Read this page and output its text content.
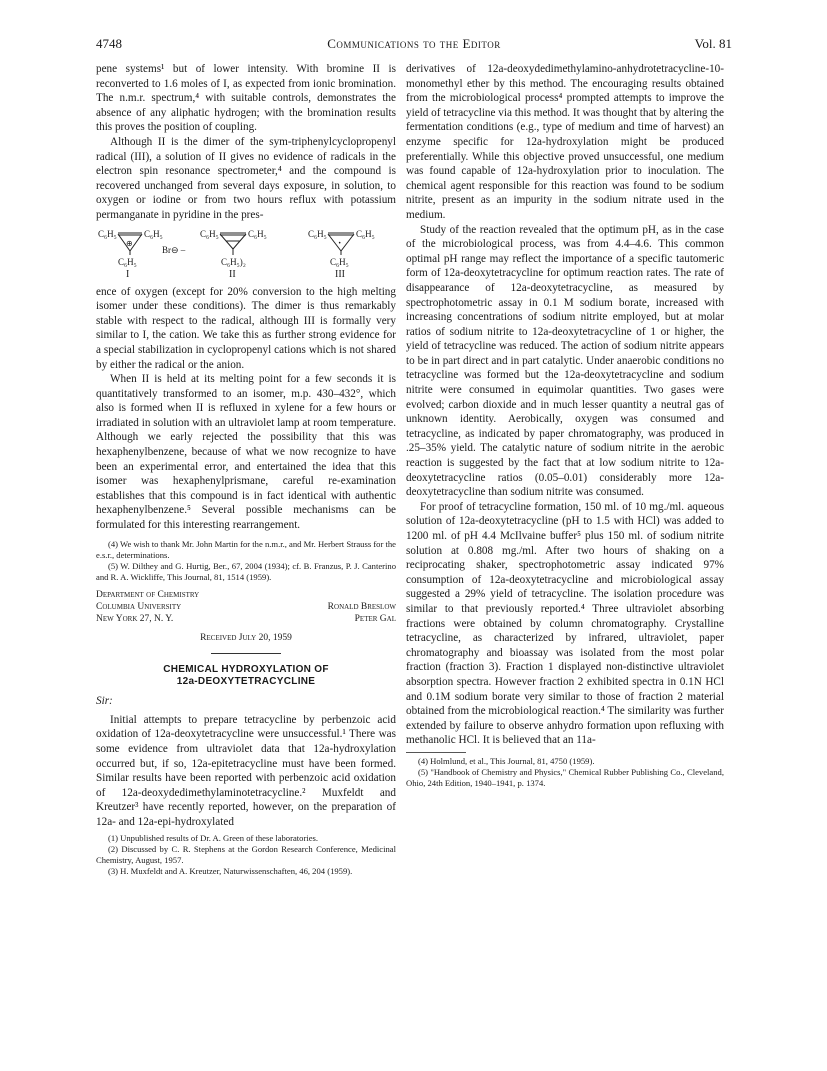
4748	Communications to the Editor	Vol. 81

pene systems¹ but of lower intensity. With bromine II is reconverted to 1.6 moles of I, as expected from ionic bromination. The n.m.r. spectrum,⁴ with suitable controls, demonstrates the absence of any aliphatic hydrogen; with the bromination results this proves the position of coupling.

Although II is the dimer of the sym-triphenylcyclopropenyl radical (III), a solution of II gives no evidence of radicals in the electron spin resonance spectrometer,⁴ and the compound is recovered unchanged from several days exposure, in solution, to oxygen or iodine or from two hours reflux with potassium permanganate in pyridine in the pres-

C₆H₅	C₆H₅
⊕
C₆H₅
Br⊖ –
C₆H₅	C₆H₅
C₆H₅)₂
C₆H₅	C₆H₅
·
C₆H₅
I	II	III

ence of oxygen (except for 20% conversion to the high melting isomer under these conditions). The dimer is thus remarkably stable with respect to the radical, although III is formally very similar to I, the cation. We take this as further strong evidence for a special stabilization in cyclopropenyl cations which is not shared by either the radical or the anion.

When II is held at its melting point for a few seconds it is quantitatively transformed to an isomer, m.p. 430–432°, which also is formed when II is refluxed in xylene for a few hours or irradiated in solution with an ultraviolet lamp at room temperature. Although we early rejected the possibility that this was hexaphenylbenzene, because of what we now recognize to have been an experimental error, and entertained the idea that this isomer was hexaphenylprismane, careful re-examination establishes that this compound is in fact identical with authentic hexaphenylbenzene.⁵ Several possible mechanisms can be formulated for this interesting rearrangement.

(4) We wish to thank Mr. John Martin for the n.m.r., and Mr. Herbert Strauss for the e.s.r., determinations.

(5) W. Dilthey and G. Hurtig, Ber., 67, 2004 (1934); cf. B. Franzus, P. J. Canterino and R. A. Wickliffe, This Journal, 81, 1514 (1959).

Department of Chemistry
Columbia University
New York 27, N. Y.
Ronald Breslow
Peter Gal
Received July 20, 1959
CHEMICAL HYDROXYLATION OF
12a-DEOXYTETRACYCLINE
Sir:

Initial attempts to prepare tetracycline by perbenzoic acid oxidation of 12a-deoxytetracycline were unsuccessful.¹ There was some evidence from ultraviolet data that 12a-hydroxylation occurred but, if so, 12a-epitetracycline must have been formed. Similar results have been reported with perbenzoic acid oxidation of 12a-deoxydedimethylaminotetracycline.² Muxfeldt and Kreutzer³ have recently reported, however, on the preparation of 12a- and 12a-epi-hydroxylated

(1) Unpublished results of Dr. A. Green of these laboratories.

(2) Discussed by C. R. Stephens at the Gordon Research Conference, Medicinal Chemistry, August, 1957.

(3) H. Muxfeldt and A. Kreutzer, Naturwissenschaften, 46, 204 (1959).

derivatives of 12a-deoxydedimethylamino-anhydrotetracycline-10-monomethyl ether by this method. The encouraging results obtained from the microbiological process⁴ prompted attempts to improve the yield of tetracycline via this method. It was thought that by altering the fermentation conditions (e.g., type of medium and time of harvest) an enzyme specific for 12a-hydroxylation might be produced preferentially. While this objective proved unsuccessful, one medium was found capable of 12a-hydroxylation prior to inoculation. The chemical agent responsible for this reaction was found to be sodium nitrite, present as an impurity in the sodium nitrate used in the medium.

Study of the reaction revealed that the optimum pH, as in the case of the microbiological process, was from 4.4–4.6. This common optimal pH range may reflect the importance of a specific tautomeric form of 12a-deoxytetracycline for optimum reaction rates. The rate of disappearance of 12a-deoxytetracycline, as measured by spectrophotometric assay in 0.1 M sodium borate, increased with increasing concentrations of sodium nitrite employed, but at molar ratios of sodium nitrite to 12a-deoxytetracycline of 1 or higher, the yield of tetracycline was reduced. The action of sodium nitrite appears to be in part direct and in part catalytic. Under anaerobic conditions no tetracycline was formed but the 12a-deoxytetracycline and sodium nitrite were consumed in equimolar quantities. Two gases were evolved; carbon dioxide and in much lesser quantity a neutral gas of unknown identity. Aerobically, oxygen was consumed and tetracycline, as indicated by paper chromatography, was produced in .25–35% yield. The catalytic nature of sodium nitrite in the aerobic reaction is suggested by the fact that at low sodium nitrite to 12a-deoxytetracycline ratios (0.05–0.01) considerably more 12a-deoxytetracycline than sodium nitrite was consumed.

For proof of tetracycline formation, 150 ml. of 10 mg./ml. aqueous solution of 12a-deoxytetracycline (pH to 1.5 with HCl) was added to 1200 ml. of pH 4.4 McIlvaine buffer⁵ plus 150 ml. of sodium nitrite solution at 0.808 mg./ml. After two hours of shaking on a reciprocating shaker, spectrophotometric assay indicated 97% consumption of 12a-deoxytetracycline and microbiological assay suggested a 29% yield of tetracycline. The isolation procedure was similar to that previously reported.⁴ Three ultraviolet absorbing fractions were obtained by column chromatography. Crystalline tetracycline, as characterized by infrared, ultraviolet, paper chromatography and bioassay was isolated from the most polar fraction (fraction 3). Fraction 1 displayed non-distinctive ultraviolet absorption spectra. However fraction 2 exhibited spectra in 0.1N HCl and 0.1M sodium borate very similar to those of fraction 2 material obtained from the microbiological reaction.⁴ The similarity was further extended by failure to observe anhydro formation upon refluxing with methanolic HCl. It is believed that an 11a-

(4) Holmlund, et al., This Journal, 81, 4750 (1959).

(5) "Handbook of Chemistry and Physics," Chemical Rubber Publishing Co., Cleveland, Ohio, 24th Edition, 1940–1941, p. 1374.
